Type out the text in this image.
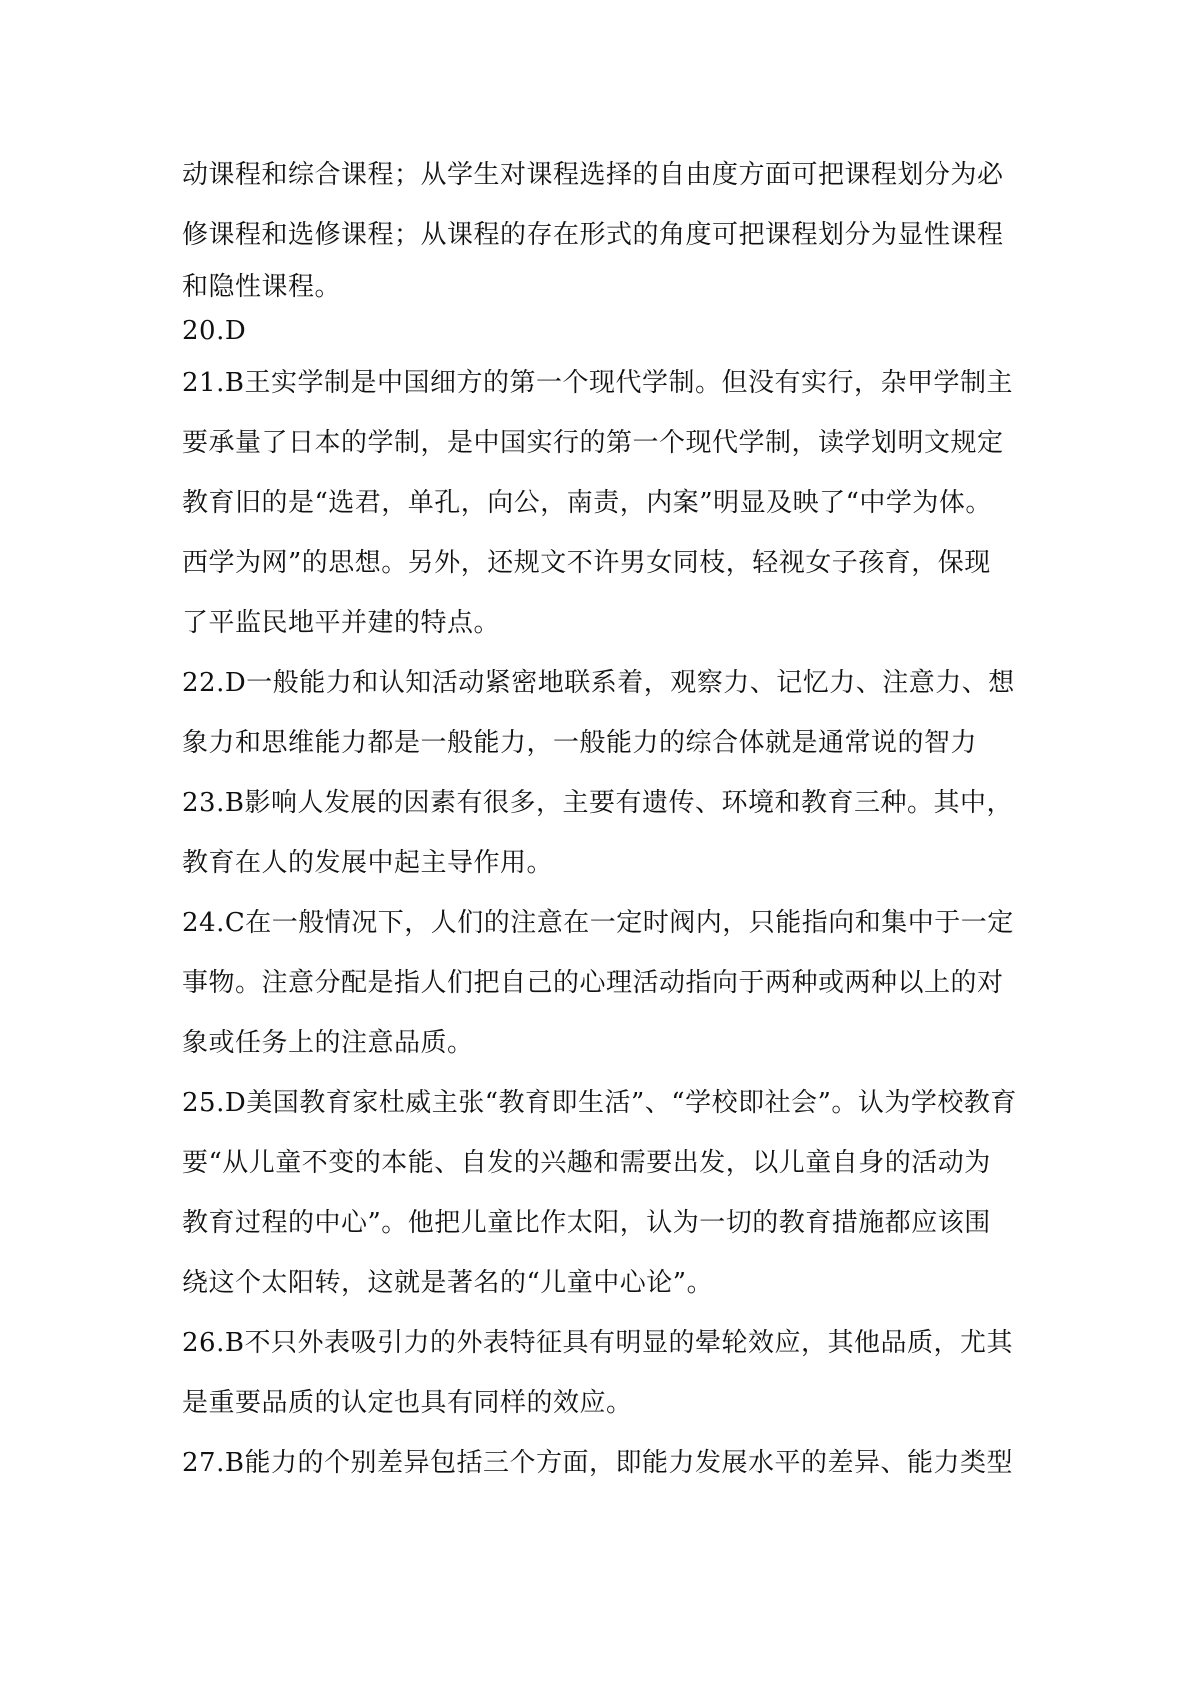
动课程和综合课程；从学生对课程选择的自由度方面可把课程划分为必
修课程和选修课程；从课程的存在形式的角度可把课程划分为显性课程
和隐性课程。
20.D
21.B王实学制是中国细方的第一个现代学制。但没有实行，杂甲学制主
要承量了日本的学制，是中国实行的第一个现代学制，读学划明文规定
教育旧的是“选君，单孔，向公，南责，内案”明显及映了“中学为体。
西学为网”的思想。另外，还规文不许男女同枝，轻视女子孩育，保现
了平监民地平并建的特点。
22.D一般能力和认知活动紧密地联系着，观察力、记忆力、注意力、想
象力和思维能力都是一般能力，一般能力的综合体就是通常说的智力
23.B影响人发展的因素有很多，主要有遗传、环境和教育三种。其中，
教育在人的发展中起主导作用。
24.C在一般情况下，人们的注意在一定时阀内，只能指向和集中于一定
事物。注意分配是指人们把自己的心理活动指向于两种或两种以上的对
象或任务上的注意品质。
25.D美国教育家杜威主张“教育即生活”、“学校即社会”。认为学校教育
要“从儿童不变的本能、自发的兴趣和需要出发，以儿童自身的活动为
教育过程的中心”。他把儿童比作太阳，认为一切的教育措施都应该围
绕这个太阳转，这就是著名的“儿童中心论”。
26.B不只外表吸引力的外表特征具有明显的晕轮效应，其他品质，尤其
是重要品质的认定也具有同样的效应。
27.B能力的个别差异包括三个方面，即能力发展水平的差异、能力类型
